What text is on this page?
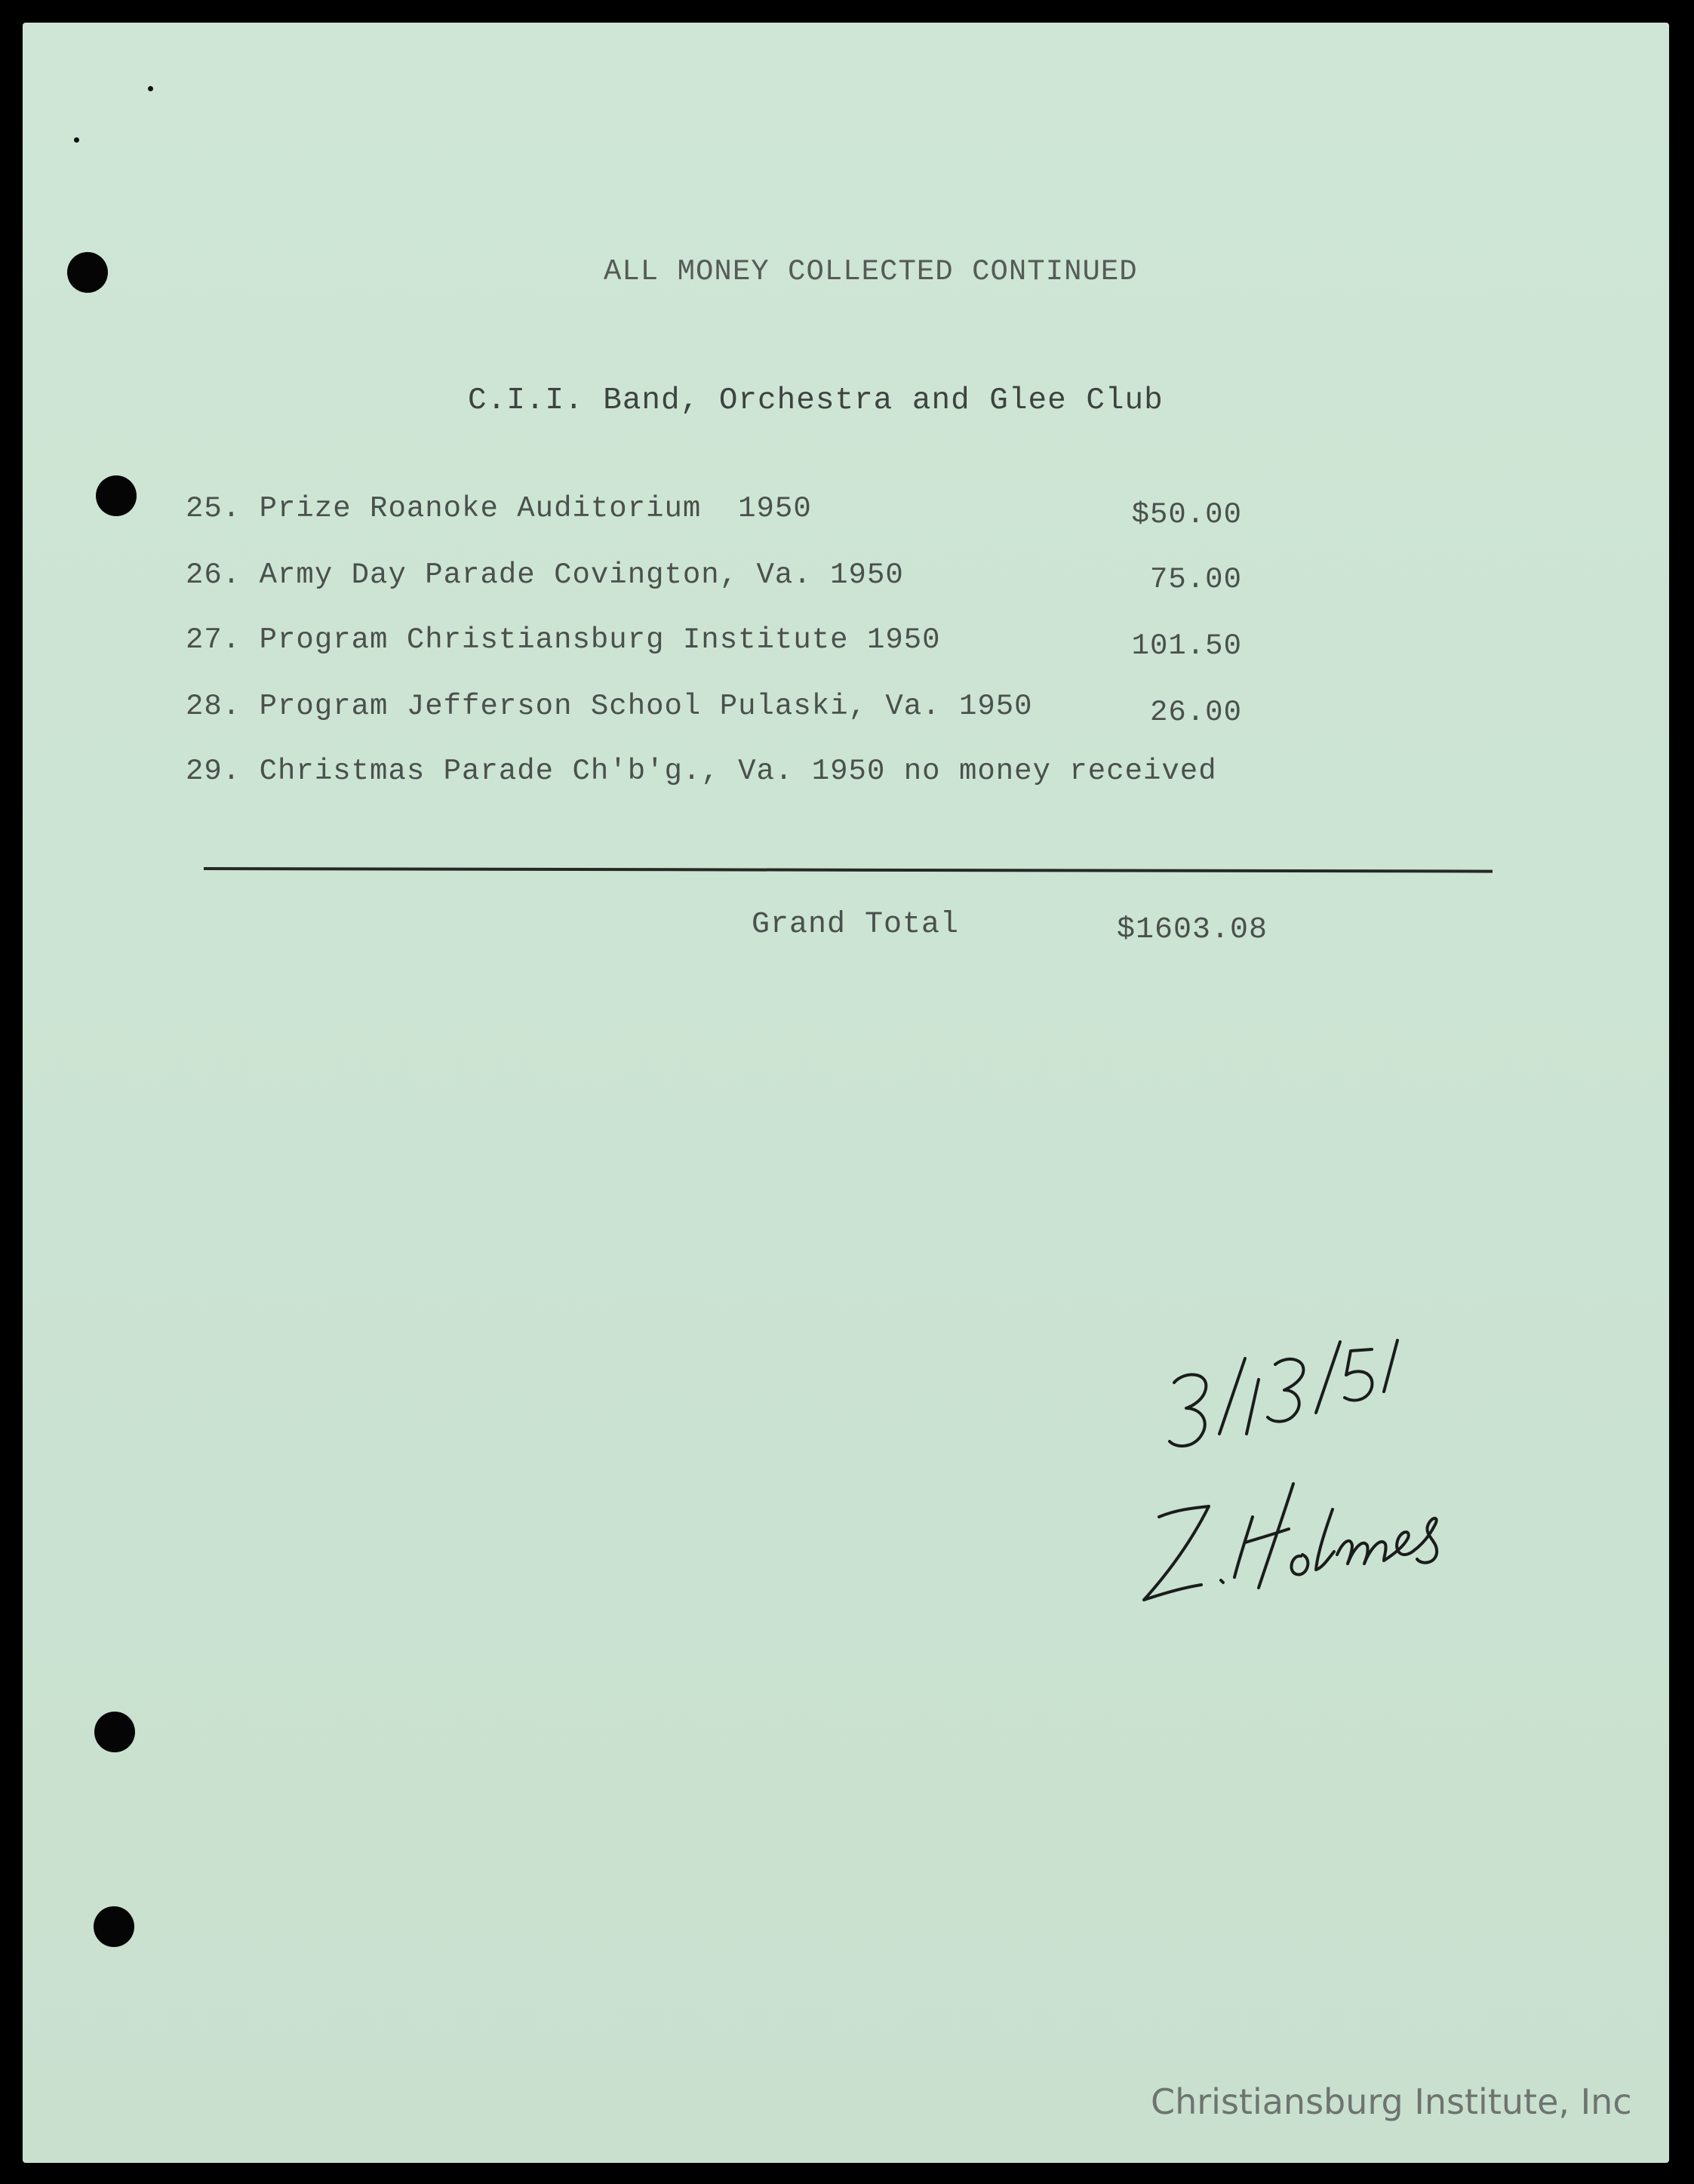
ALL MONEY COLLECTED CONTINUED
C.I.I. Band, Orchestra and Glee Club
25. Prize Roanoke Auditorium  1950	$50.00
26. Army Day Parade Covington, Va. 1950	75.00
27. Program Christiansburg Institute 1950	101.50
28. Program Jefferson School Pulaski, Va. 1950	26.00
29. Christmas Parade Ch'b'g., Va. 1950 no money received
Grand Total	$1603.08
Christiansburg Institute, Inc
